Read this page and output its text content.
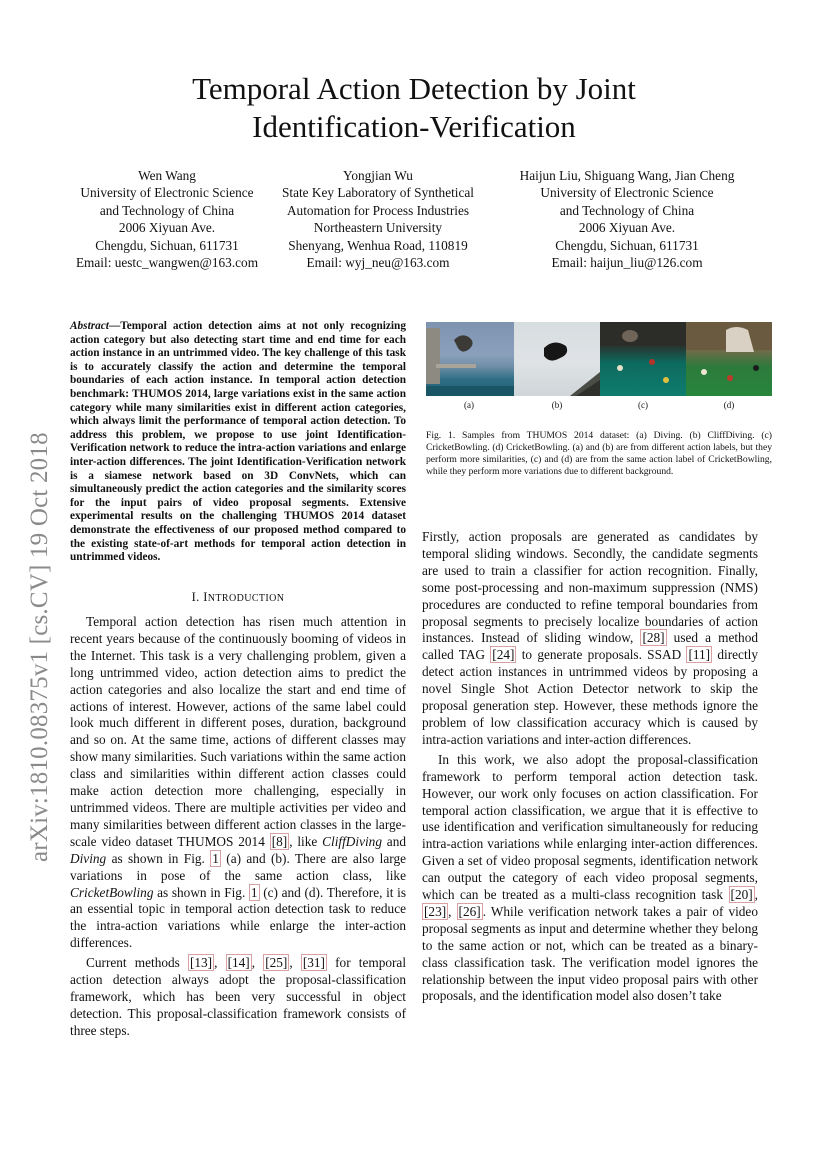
Temporal Action Detection by Joint
Identification-Verification
Wen Wang
University of Electronic Science
and Technology of China
2006 Xiyuan Ave.
Chengdu, Sichuan, 611731
Email: uestc_wangwen@163.com
Yongjian Wu
State Key Laboratory of Synthetical
Automation for Process Industries
Northeastern University
Shenyang, Wenhua Road, 110819
Email: wyj_neu@163.com
Haijun Liu, Shiguang Wang, Jian Cheng
University of Electronic Science
and Technology of China
2006 Xiyuan Ave.
Chengdu, Sichuan, 611731
Email: haijun_liu@126.com
arXiv:1810.08375v1 [cs.CV] 19 Oct 2018
Abstract—Temporal action detection aims at not only recognizing action category but also detecting start time and end time for each action instance in an untrimmed video. The key challenge of this task is to accurately classify the action and determine the temporal boundaries of each action instance. In temporal action detection benchmark: THUMOS 2014, large variations exist in the same action category while many similarities exist in different action categories, which always limit the performance of temporal action detection. To address this problem, we propose to use joint Identification-Verification network to reduce the intra-action variations and enlarge inter-action differences. The joint Identification-Verification network is a siamese network based on 3D ConvNets, which can simultaneously predict the action categories and the similarity scores for the input pairs of video proposal segments. Extensive experimental results on the challenging THUMOS 2014 dataset demonstrate the effectiveness of our proposed method compared to the existing state-of-art methods for temporal action detection in untrimmed videos.
I. INTRODUCTION

Temporal action detection has risen much attention in recent years because of the continuously booming of videos in the Internet. This task is a very challenging problem, given a long untrimmed video, action detection aims to predict the action categories and also localize the start and end time of actions of interest. However, actions of the same label could look much different in different poses, duration, background and so on. At the same time, actions of different classes may show many similarities. Such variations within the same action class and similarities within different action classes could make action detection more challenging, especially in untrimmed videos. There are multiple activities per video and many similarities between different action classes in the large-scale video dataset THUMOS 2014 [8] , like CliffDiving and Diving as shown in Fig. 1 (a) and (b). There are also large variations in pose of the same action class, like CricketBowling as shown in Fig. 1 (c) and (d). Therefore, it is an essential topic in temporal action detection task to reduce the intra-action variations while enlarge the inter-action differences.

Current methods [13] , [14] , [25] , [31] for temporal action detection always adopt the proposal-classification framework, which has been very successful in object detection. This proposal-classification framework consists of three steps.

(a)	(b)	(c)	(d)
Fig. 1. Samples from THUMOS 2014 dataset: (a) Diving. (b) CliffDiving. (c) CricketBowling. (d) CricketBowling. (a) and (b) are from different action labels, but they perform more similarities, (c) and (d) are from the same action label of CricketBowling, while they perform more variations due to different background.

Firstly, action proposals are generated as candidates by temporal sliding windows. Secondly, the candidate segments are used to train a classifier for action recognition. Finally, some post-processing and non-maximum suppression (NMS) procedures are conducted to refine temporal boundaries from proposal segments to precisely localize boundaries of action instances. Instead of sliding window, [28] used a method called TAG [24] to generate proposals. SSAD [11] directly detect action instances in untrimmed videos by proposing a novel Single Shot Action Detector network to skip the proposal generation step. However, these methods ignore the problem of low classification accuracy which is caused by intra-action variations and inter-action differences.

In this work, we also adopt the proposal-classification framework to perform temporal action detection task. However, our work only focuses on action classification. For temporal action classification, we argue that it is effective to use identification and verification simultaneously for reducing intra-action variations while enlarging inter-action differences. Given a set of video proposal segments, identification network can output the category of each video proposal segments, which can be treated as a multi-class recognition task [20] , [23] , [26] . While verification network takes a pair of video proposal segments as input and determine whether they belong to the same action or not, which can be treated as a binary-class classification task. The verification model ignores the relationship between the input video proposal pairs with other proposals, and the identification model also dosen’t take
